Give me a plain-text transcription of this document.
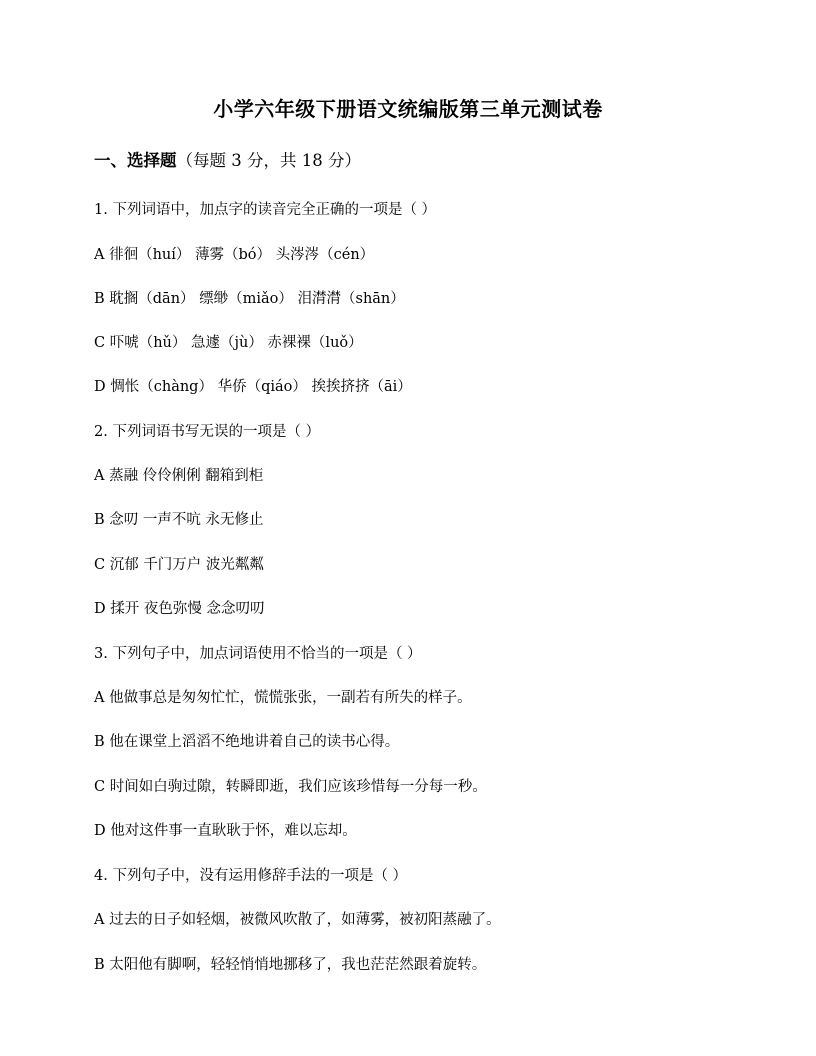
小学六年级下册语文统编版第三单元测试卷
一、选择题（每题 3 分，共 18 分）
1. 下列词语中，加点字的读音完全正确的一项是（ ）
A 徘徊（huí） 薄雾（bó） 头涔涔（cén）
B 耽搁（dān） 缥缈（miǎo） 泪潸潸（shān）
C 吓唬（hǔ） 急遽（jù） 赤裸裸（luǒ）
D 惆怅（chàng） 华侨（qiáo） 挨挨挤挤（āi）
2. 下列词语书写无误的一项是（ ）
A 蒸融 伶伶俐俐 翻箱到柜
B 念叨 一声不吭 永无修止
C 沉郁 千门万户 波光粼粼
D 揉开 夜色弥慢 念念叨叨
3. 下列句子中，加点词语使用不恰当的一项是（ ）
A 他做事总是匆匆忙忙，慌慌张张，一副若有所失的样子。
B 他在课堂上滔滔不绝地讲着自己的读书心得。
C 时间如白驹过隙，转瞬即逝，我们应该珍惜每一分每一秒。
D 他对这件事一直耿耿于怀，难以忘却。
4. 下列句子中，没有运用修辞手法的一项是（ ）
A 过去的日子如轻烟，被微风吹散了，如薄雾，被初阳蒸融了。
B 太阳他有脚啊，轻轻悄悄地挪移了，我也茫茫然跟着旋转。
